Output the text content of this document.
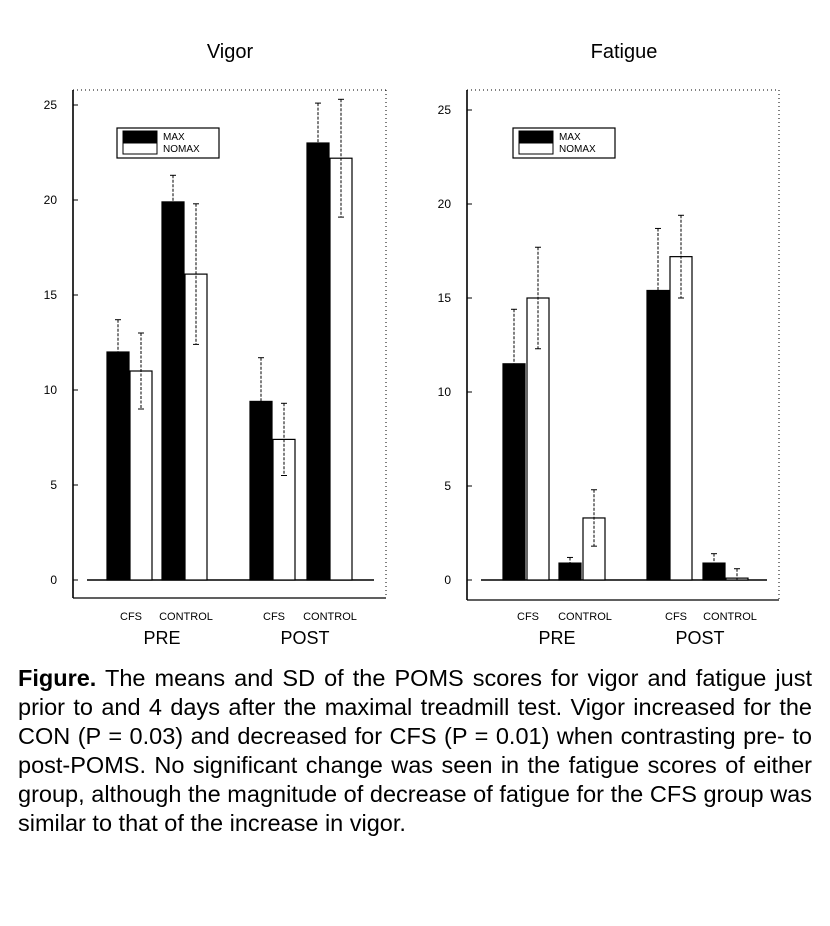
Vigor
0
5
10
15
20
25
MAX
NOMAX
CFS CONTROL
PRE
CFS CONTROL
POST
Fatigue
0
5
10
15
20
25
MAX
NOMAX
CFS CONTROL
PRE
CFS CONTROL
POST
Figure. The means and SD of the POMS scores for vigor and fatigue just prior to and 4 days after the maximal treadmill test. Vigor increased for the CON (P = 0.03) and decreased for CFS (P = 0.01) when contrasting pre- to post-POMS. No significant change was seen in the fatigue scores of either group, although the magnitude of decrease of fatigue for the CFS group was similar to that of the increase in vigor.
